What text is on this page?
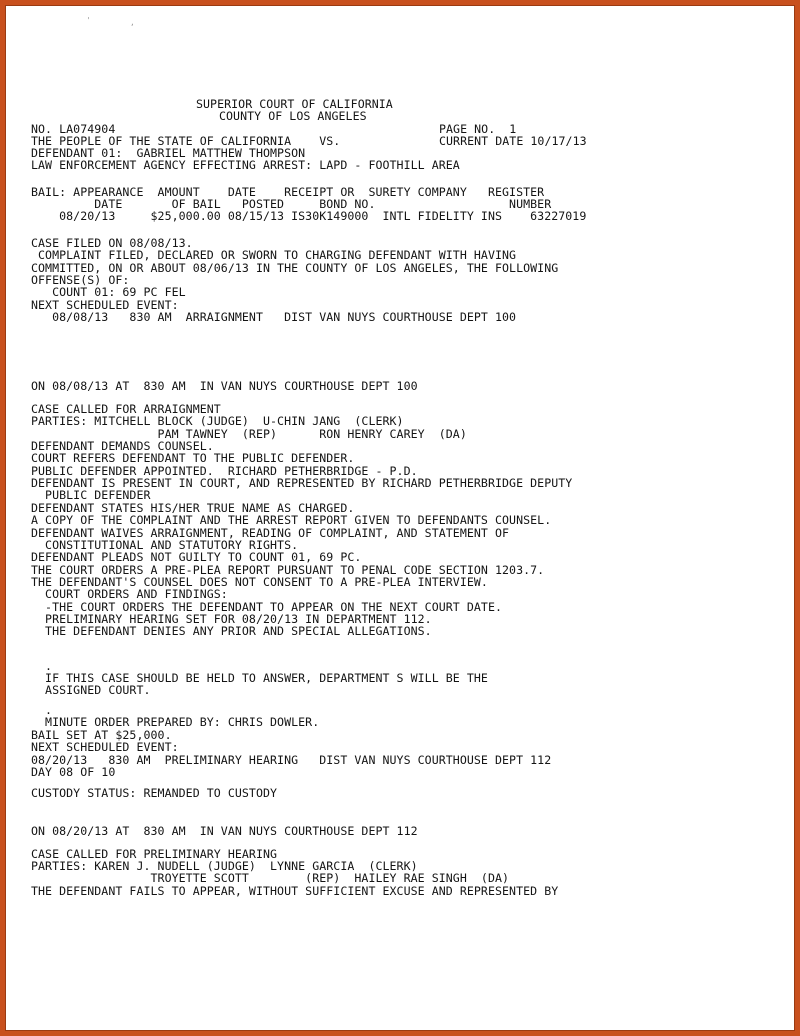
'	,
SUPERIOR COURT OF CALIFORNIA
COUNTY OF LOS ANGELES
NO. LA074904	PAGE NO.  1
THE PEOPLE OF THE STATE OF CALIFORNIA    VS.	CURRENT DATE 10/17/13
DEFENDANT 01:  GABRIEL MATTHEW THOMPSON
LAW ENFORCEMENT AGENCY EFFECTING ARREST: LAPD - FOOTHILL AREA
BAIL: APPEARANCE  AMOUNT    DATE    RECEIPT OR  SURETY COMPANY   REGISTER
DATE       OF BAIL   POSTED     BOND NO.                   NUMBER
08/20/13     $25,000.00 08/15/13 IS30K149000  INTL FIDELITY INS    63227019
CASE FILED ON 08/08/13.
COMPLAINT FILED, DECLARED OR SWORN TO CHARGING DEFENDANT WITH HAVING
COMMITTED, ON OR ABOUT 08/06/13 IN THE COUNTY OF LOS ANGELES, THE FOLLOWING
OFFENSE(S) OF:
COUNT 01: 69 PC FEL
NEXT SCHEDULED EVENT:
08/08/13   830 AM  ARRAIGNMENT   DIST VAN NUYS COURTHOUSE DEPT 100
ON 08/08/13 AT  830 AM  IN VAN NUYS COURTHOUSE DEPT 100
CASE CALLED FOR ARRAIGNMENT
PARTIES: MITCHELL BLOCK (JUDGE)  U-CHIN JANG  (CLERK)
PAM TAWNEY  (REP)      RON HENRY CAREY  (DA)
DEFENDANT DEMANDS COUNSEL.
COURT REFERS DEFENDANT TO THE PUBLIC DEFENDER.
PUBLIC DEFENDER APPOINTED.  RICHARD PETHERBRIDGE - P.D.
DEFENDANT IS PRESENT IN COURT, AND REPRESENTED BY RICHARD PETHERBRIDGE DEPUTY
PUBLIC DEFENDER
DEFENDANT STATES HIS/HER TRUE NAME AS CHARGED.
A COPY OF THE COMPLAINT AND THE ARREST REPORT GIVEN TO DEFENDANTS COUNSEL.
DEFENDANT WAIVES ARRAIGNMENT, READING OF COMPLAINT, AND STATEMENT OF
CONSTITUTIONAL AND STATUTORY RIGHTS.
DEFENDANT PLEADS NOT GUILTY TO COUNT 01, 69 PC.
THE COURT ORDERS A PRE-PLEA REPORT PURSUANT TO PENAL CODE SECTION 1203.7.
THE DEFENDANT'S COUNSEL DOES NOT CONSENT TO A PRE-PLEA INTERVIEW.
COURT ORDERS AND FINDINGS:
-THE COURT ORDERS THE DEFENDANT TO APPEAR ON THE NEXT COURT DATE.
PRELIMINARY HEARING SET FOR 08/20/13 IN DEPARTMENT 112.
THE DEFENDANT DENIES ANY PRIOR AND SPECIAL ALLEGATIONS.
.
IF THIS CASE SHOULD BE HELD TO ANSWER, DEPARTMENT S WILL BE THE
ASSIGNED COURT.
.
MINUTE ORDER PREPARED BY: CHRIS DOWLER.
BAIL SET AT $25,000.
NEXT SCHEDULED EVENT:
08/20/13   830 AM  PRELIMINARY HEARING   DIST VAN NUYS COURTHOUSE DEPT 112
DAY 08 OF 10
CUSTODY STATUS: REMANDED TO CUSTODY
ON 08/20/13 AT  830 AM  IN VAN NUYS COURTHOUSE DEPT 112
CASE CALLED FOR PRELIMINARY HEARING
PARTIES: KAREN J. NUDELL (JUDGE)  LYNNE GARCIA  (CLERK)
TROYETTE SCOTT        (REP)  HAILEY RAE SINGH  (DA)
THE DEFENDANT FAILS TO APPEAR, WITHOUT SUFFICIENT EXCUSE AND REPRESENTED BY
